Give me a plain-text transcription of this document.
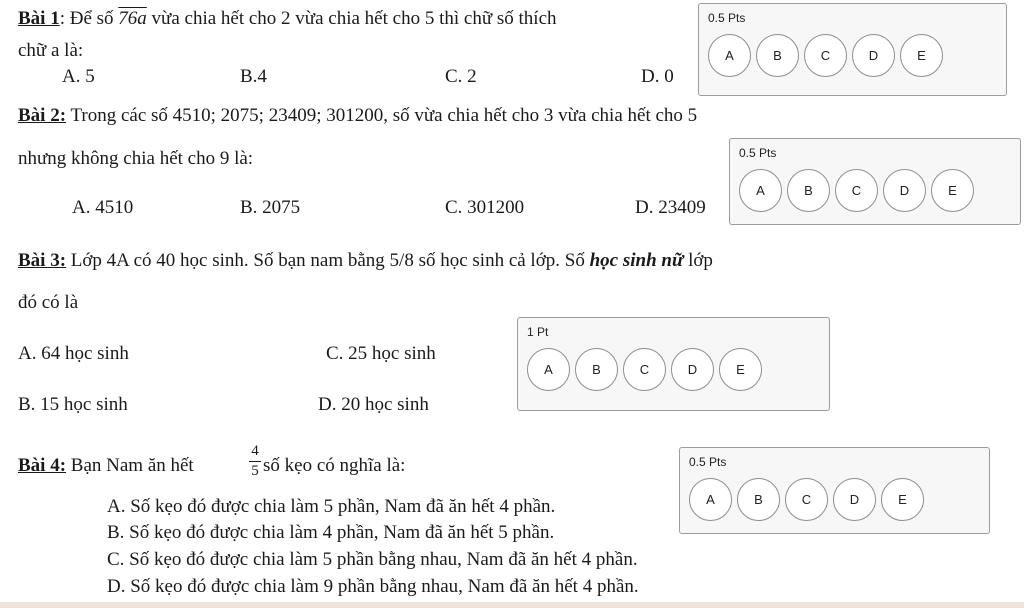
Bài 1: Để số 76a vừa chia hết cho 2 vừa chia hết cho 5 thì chữ số thích
chữ a là:
A. 5	B.4	C. 2	D. 0
Bài 2: Trong các số 4510; 2075; 23409; 301200, số vừa chia hết cho 3 vừa chia hết cho 5
nhưng không chia hết cho 9 là:
A. 4510	B. 2075	C. 301200	D. 23409
Bài 3: Lớp 4A có 40 học sinh. Số bạn nam bằng 5/8 số học sinh cả lớp. Số học sinh nữ lớp
đó có là
A. 64 học sinh	C. 25 học sinh
B. 15 học sinh	D. 20 học sinh
Bài 4: Bạn Nam ăn hết
4
5 số kẹo có nghĩa là:
A. Số kẹo đó được chia làm 5 phần, Nam đã ăn hết 4 phần.
B. Số kẹo đó được chia làm 4 phần, Nam đã ăn hết 5 phần.
C. Số kẹo đó được chia làm 5 phần bằng nhau, Nam đã ăn hết 4 phần.
D. Số kẹo đó được chia làm 9 phần bằng nhau, Nam đã ăn hết 4 phần.
0.5 Pts
A	B	C	D	E
0.5 Pts
A	B	C	D	E
1 Pt
A	B	C	D	E
0.5 Pts
A	B	C	D	E
